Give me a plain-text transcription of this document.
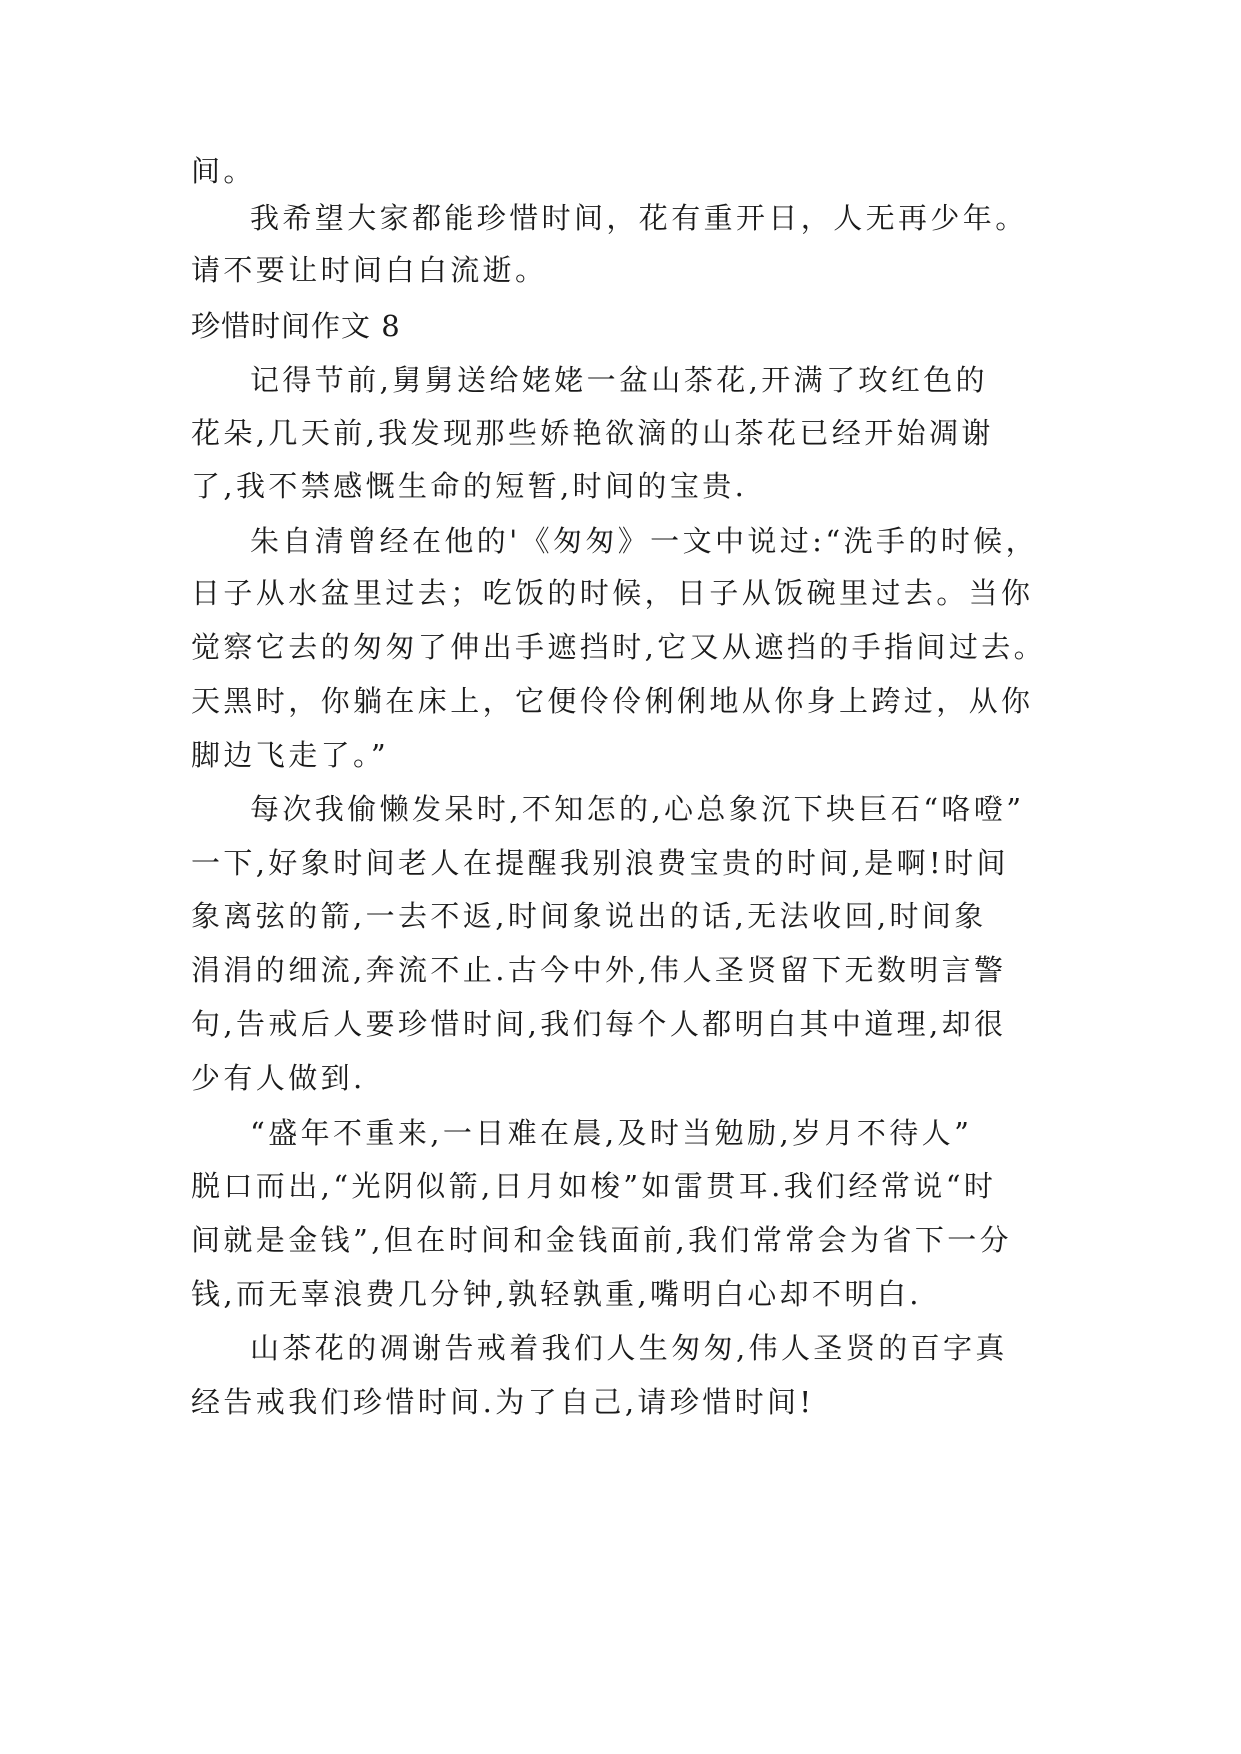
间。
我希望大家都能珍惜时间，花有重开日，人无再少年。
请不要让时间白白流逝。
珍惜时间作文 8
记得节前,舅舅送给姥姥一盆山茶花,开满了玫红色的
花朵,几天前,我发现那些娇艳欲滴的山茶花已经开始凋谢
了,我不禁感慨生命的短暂,时间的宝贵.
朱自清曾经在他的'《匆匆》一文中说过:“洗手的时候，
日子从水盆里过去；吃饭的时候，日子从饭碗里过去。当你
觉察它去的匆匆了伸出手遮挡时,它又从遮挡的手指间过去。
天黑时，你躺在床上，它便伶伶俐俐地从你身上跨过，从你
脚边飞走了。”
每次我偷懒发呆时,不知怎的,心总象沉下块巨石“咯噔”
一下,好象时间老人在提醒我别浪费宝贵的时间,是啊!时间
象离弦的箭,一去不返,时间象说出的话,无法收回,时间象
涓涓的细流,奔流不止.古今中外,伟人圣贤留下无数明言警
句,告戒后人要珍惜时间,我们每个人都明白其中道理,却很
少有人做到.
“盛年不重来,一日难在晨,及时当勉励,岁月不待人”
脱口而出,“光阴似箭,日月如梭”如雷贯耳.我们经常说“时
间就是金钱”,但在时间和金钱面前,我们常常会为省下一分
钱,而无辜浪费几分钟,孰轻孰重,嘴明白心却不明白.
山茶花的凋谢告戒着我们人生匆匆,伟人圣贤的百字真
经告戒我们珍惜时间.为了自己,请珍惜时间!
